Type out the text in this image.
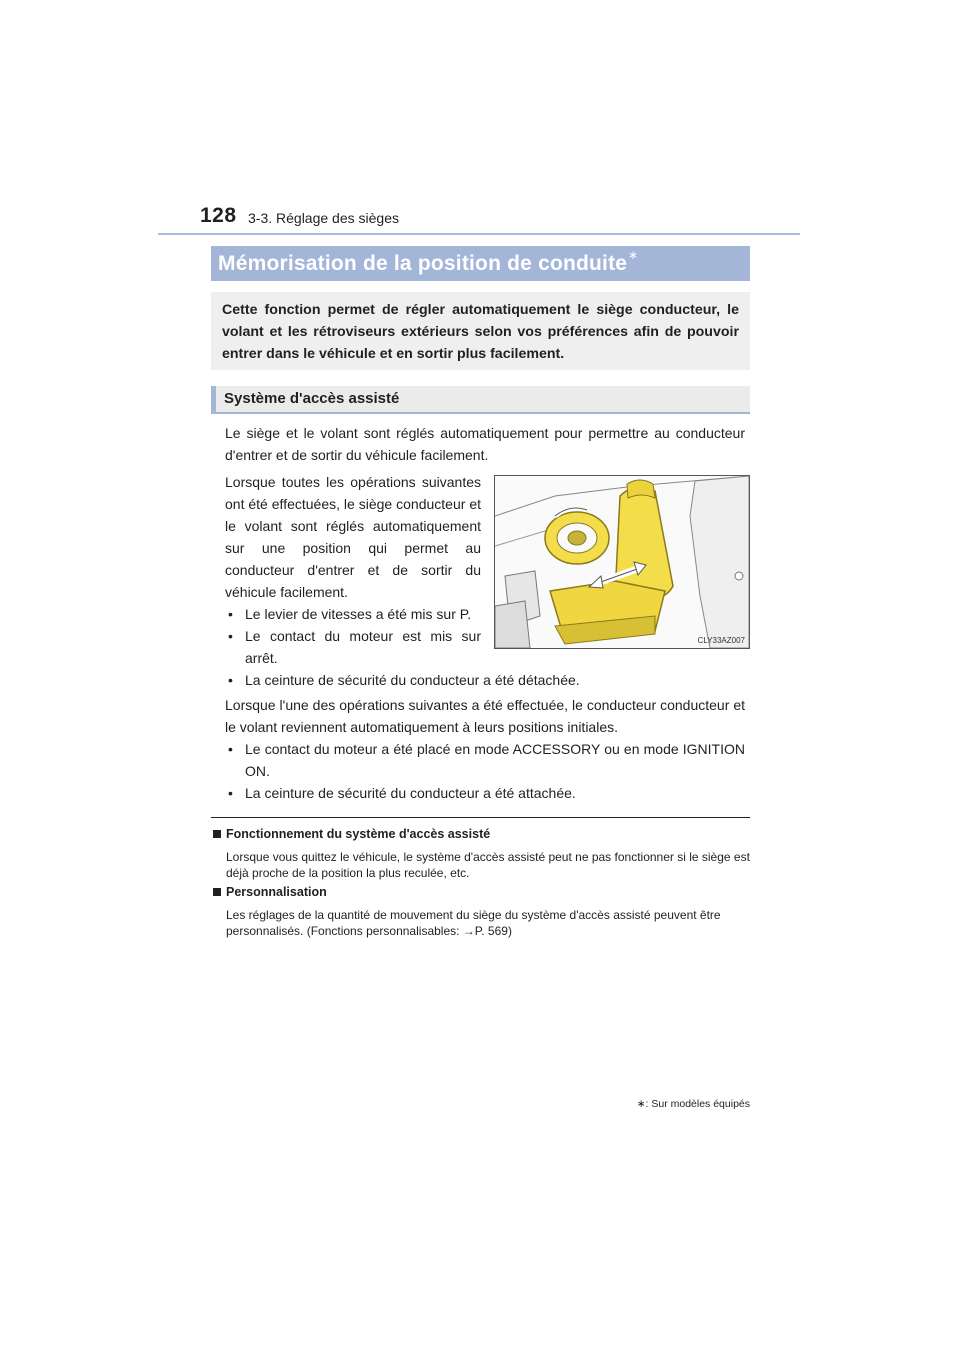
128 3-3. Réglage des sièges
Mémorisation de la position de conduite ∗
Cette fonction permet de régler automatiquement le siège conducteur, le volant et les rétroviseurs extérieurs selon vos préférences afin de pouvoir entrer dans le véhicule et en sortir plus facilement.
Système d'accès assisté
Le siège et le volant sont réglés automatiquement pour permettre au conducteur d'entrer et de sortir du véhicule facilement.
Lorsque toutes les opérations suivantes ont été effectuées, le siège conducteur et le volant sont réglés automatiquement sur une position qui permet au conducteur d'entrer et de sortir du véhicule facilement.
• Le levier de vitesses a été mis sur P.
• Le contact du moteur est mis sur arrêt.
• La ceinture de sécurité du conducteur a été détachée.
CLY33AZ007
Lorsque l'une des opérations suivantes a été effectuée, le conducteur conducteur et le volant reviennent automatiquement à leurs positions initiales.
• Le contact du moteur a été placé en mode ACCESSORY ou en mode IGNITION ON.
• La ceinture de sécurité du conducteur a été attachée.
Fonctionnement du système d'accès assisté
Lorsque vous quittez le véhicule, le système d'accès assisté peut ne pas fonctionner si le siège est déjà proche de la position la plus reculée, etc.
Personnalisation
Les réglages de la quantité de mouvement du siège du système d'accès assisté peuvent être personnalisés. (Fonctions personnalisables: →P. 569)
∗: Sur modèles équipés
